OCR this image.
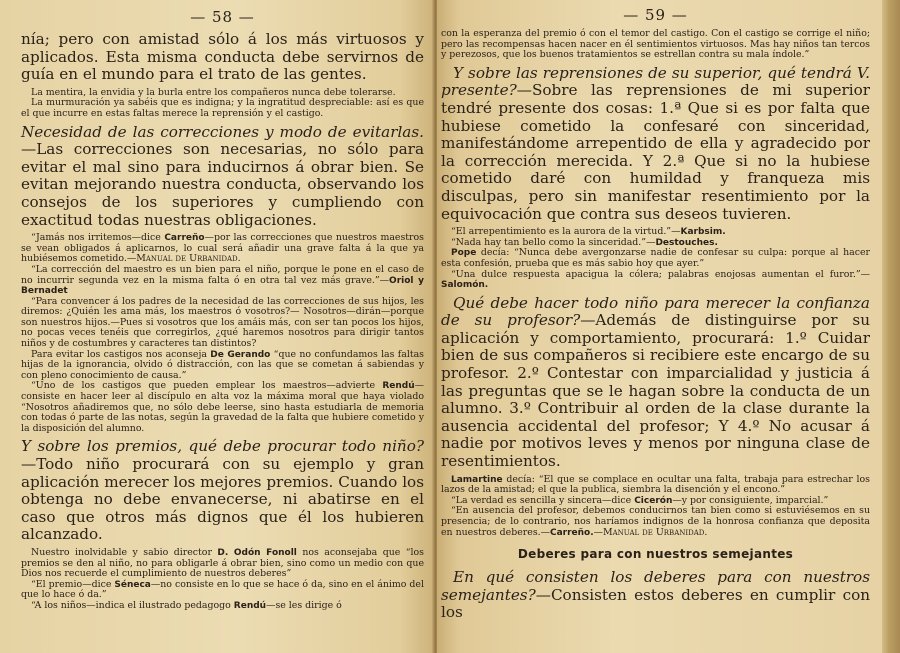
— 58 —

nía; pero con amistad sólo á los más virtuosos y aplicados. Esta misma conducta debe servirnos de guía en el mundo para el trato de las gentes.

La mentira, la envidia y la burla entre los compañeros nunca debe tolerarse.

La murmuración ya sabéis que es indigna; y la ingratitud despreciable: así es que el que incurre en estas faltas merece la reprensión y el castigo.

Necesidad de las correcciones y modo de evitarlas.—Las correcciones son necesarias, no sólo para evitar el mal sino para inducirnos á obrar bien. Se evitan mejorando nuestra conducta, observando los consejos de los superiores y cumpliendo con exactitud todas nuestras obligaciones.

“Jamás nos irritemos—dice Carreño—por las correcciones que nuestros maestros se vean obligados á aplicarnos, lo cual será añadir una grave falta á la que ya hubiésemos cometido.—Manual de Urbanidad.

“La corrección del maestro es un bien para el niño, porque le pone en el caso de no incurrir segunda vez en la misma falta ó en otra tal vez más grave.”—Oriol y Bernadet

“Para convencer á los padres de la necesidad de las correcciones de sus hijos, les diremos: ¿Quién les ama más, los maestros ó vosotros?— Nosotros—dirán—porque son nuestros hijos.—Pues si vosotros que los amáis más, con ser tan pocos los hijos, no pocas veces tenéis que corregirlos, ¿qué haremos nosotros para dirigir tantos niños y de costumbres y caracteres tan distintos?

Para evitar los castigos nos aconseja De Gerando “que no confundamos las faltas hijas de la ignorancia, olvido ó distracción, con las que se cometan á sabiendas y con pleno conocimiento de causa.”

“Uno de los castigos que pueden emplear los maestros—advierte Rendú—consiste en hacer leer al discípulo en alta voz la máxima moral que haya violado “Nosotros añadiremos que, no sólo debe leerse, sino hasta estudiarla de memoria con todas ó parte de las notas, según la gravedad de la falta que hubiere cometido y la disposición del alumno.

Y sobre los premios, qué debe procurar todo niño?—Todo niño procurará con su ejemplo y gran aplicación merecer los mejores premios. Cuando los obtenga no debe envanecerse, ni abatirse en el caso que otros más dignos que él los hubieren alcanzado.

Nuestro inolvidable y sabio director D. Odón Fonoll nos aconsejaba que “los premios se den al niño, no para obligarle á obrar bien, sino como un medio con que Dios nos recuerde el cumplimiento de nuestros deberes”

“El premio—dice Séneca—no consiste en lo que se hace ó da, sino en el ánimo del que lo hace ó da.”

“A los niños—indica el ilustrado pedagogo Rendú—se les dirige ó

— 59 —

con la esperanza del premio ó con el temor del castigo. Con el castigo se corrige el niño; pero las recompensas hacen nacer en él sentimientos virtuosos. Mas hay niños tan tercos y perezosos, que los buenos tratamientos se estrellan contra su mala índole.”

Y sobre las reprensiones de su superior, qué tendrá V. presente?—Sobre las reprensiones de mi superior tendré presente dos cosas: 1.ª Que si es por falta que hubiese cometido la confesaré con sinceridad, manifestándome arrepentido de ella y agradecido por la corrección merecida. Y 2.ª Que si no la hubiese cometido daré con humildad y franqueza mis disculpas, pero sin manifestar resentimiento por la equivocación que contra sus deseos tuvieren.

“El arrepentimiento es la aurora de la virtud.”—Karbsim.

“Nada hay tan bello como la sinceridad.”—Destouches.

Pope decía: “Nunca debe avergonzarse nadie de confesar su culpa: porque al hacer esta confesión, prueba que es más sabio hoy que ayer.”

“Una dulce respuesta apacigua la cólera; palabras enojosas aumentan el furor.”—Salomón.

Qué debe hacer todo niño para merecer la confianza de su profesor?—Además de distinguirse por su aplicación y comportamiento, procurará: 1.º Cuidar bien de sus compañeros si recibiere este encargo de su profesor. 2.º Contestar con imparcialidad y justicia á las preguntas que se le hagan sobre la conducta de un alumno. 3.º Contribuir al orden de la clase durante la ausencia accidental del profesor; Y 4.º No acusar á nadie por motivos leves y menos por ninguna clase de resentimientos.

Lamartine decía: “El que se complace en ocultar una falta, trabaja para estrechar los lazos de la amistad; el que la publica, siembra la disención y el encono.”

“La verdad es sencilla y sincera—dice Cicerón—y por consiguiente, imparcial.”

“En ausencia del profesor, debemos conducirnos tan bien como si estuviésemos en su presencia; de lo contrario, nos haríamos indignos de la honrosa confianza que deposita en nuestros deberes.—Carreño.—Manual de Urbanidad.

Deberes para con nuestros semejantes

En qué consisten los deberes para con nuestros semejantes?—Consisten estos deberes en cumplir con los
